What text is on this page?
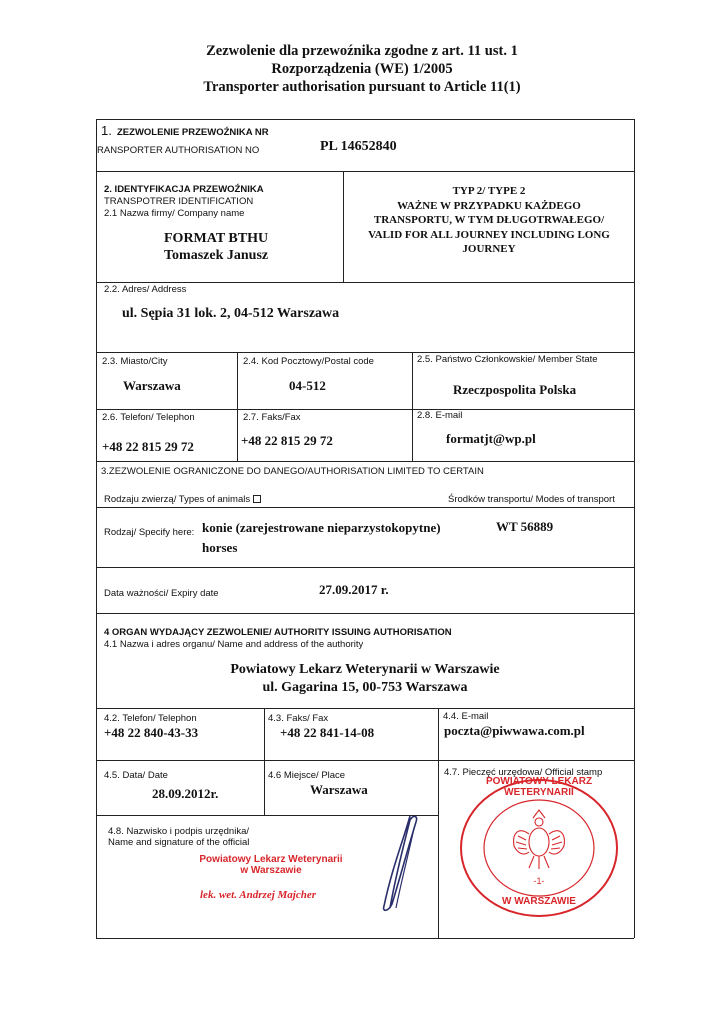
Zezwolenie dla przewoźnika zgodne z art. 11 ust. 1
Rozporządzenia (WE) 1/2005
Transporter authorisation pursuant to Article 11(1)
1. ZEZWOLENIE PRZEWOŹNIKA NR
RANSPORTER AUTHORISATION NO	PL 14652840
2. IDENTYFIKACJA PRZEWOŹNIKA
TRANSPOTRER IDENTIFICATION
2.1 Nazwa firmy/ Company name
FORMAT BTHU
Tomaszek Janusz
TYP 2/ TYPE 2
WAŻNE W PRZYPADKU KAŻDEGO
TRANSPORTU, W TYM DŁUGOTRWAŁEGO/
VALID FOR ALL JOURNEY INCLUDING LONG
JOURNEY
2.2. Adres/ Address
ul. Sępia 31 lok. 2, 04-512 Warszawa
2.3. Miasto/City
Warszawa
2.4. Kod Pocztowy/Postal code
04-512
2.5. Państwo Członkowskie/ Member State
Rzeczpospolita Polska
2.6. Telefon/ Telephon
+48 22 815 29 72
2.7. Faks/Fax
+48 22 815 29 72
2.8. E-mail
formatjt@wp.pl
3.ZEZWOLENIE OGRANICZONE DO DANEGO/AUTHORISATION LIMITED TO CERTAIN
Rodzaju zwierzą/ Types of animals	Środków transportu/ Modes of transport
Rodzaj/ Specify here: konie (zarejestrowane nieparzystokopytne)
horses
WT 56889
Data ważności/ Expiry date	27.09.2017 r.
4 ORGAN WYDAJĄCY ZEZWOLENIE/ AUTHORITY ISSUING AUTHORISATION
4.1 Nazwa i adres organu/ Name and address of the authority
Powiatowy Lekarz Weterynarii w Warszawie
ul. Gagarina 15, 00-753 Warszawa
4.2. Telefon/ Telephon
+48 22 840-43-33
4.3. Faks/ Fax
+48 22 841-14-08
4.4. E-mail
poczta@piwwawa.com.pl
4.5. Data/ Date
28.09.2012r.
4.6 Miejsce/ Place
Warszawa
4.7. Pieczęć urzędowa/ Official stamp
4.8. Nazwisko i podpis urzędnika/
Name and signature of the official
Powiatowy Lekarz Weterynarii
w Warszawie
lek. wet. Andrzej Majcher
-1-
POWIATOWY LEKARZ WETERYNARII
W WARSZAWIE
